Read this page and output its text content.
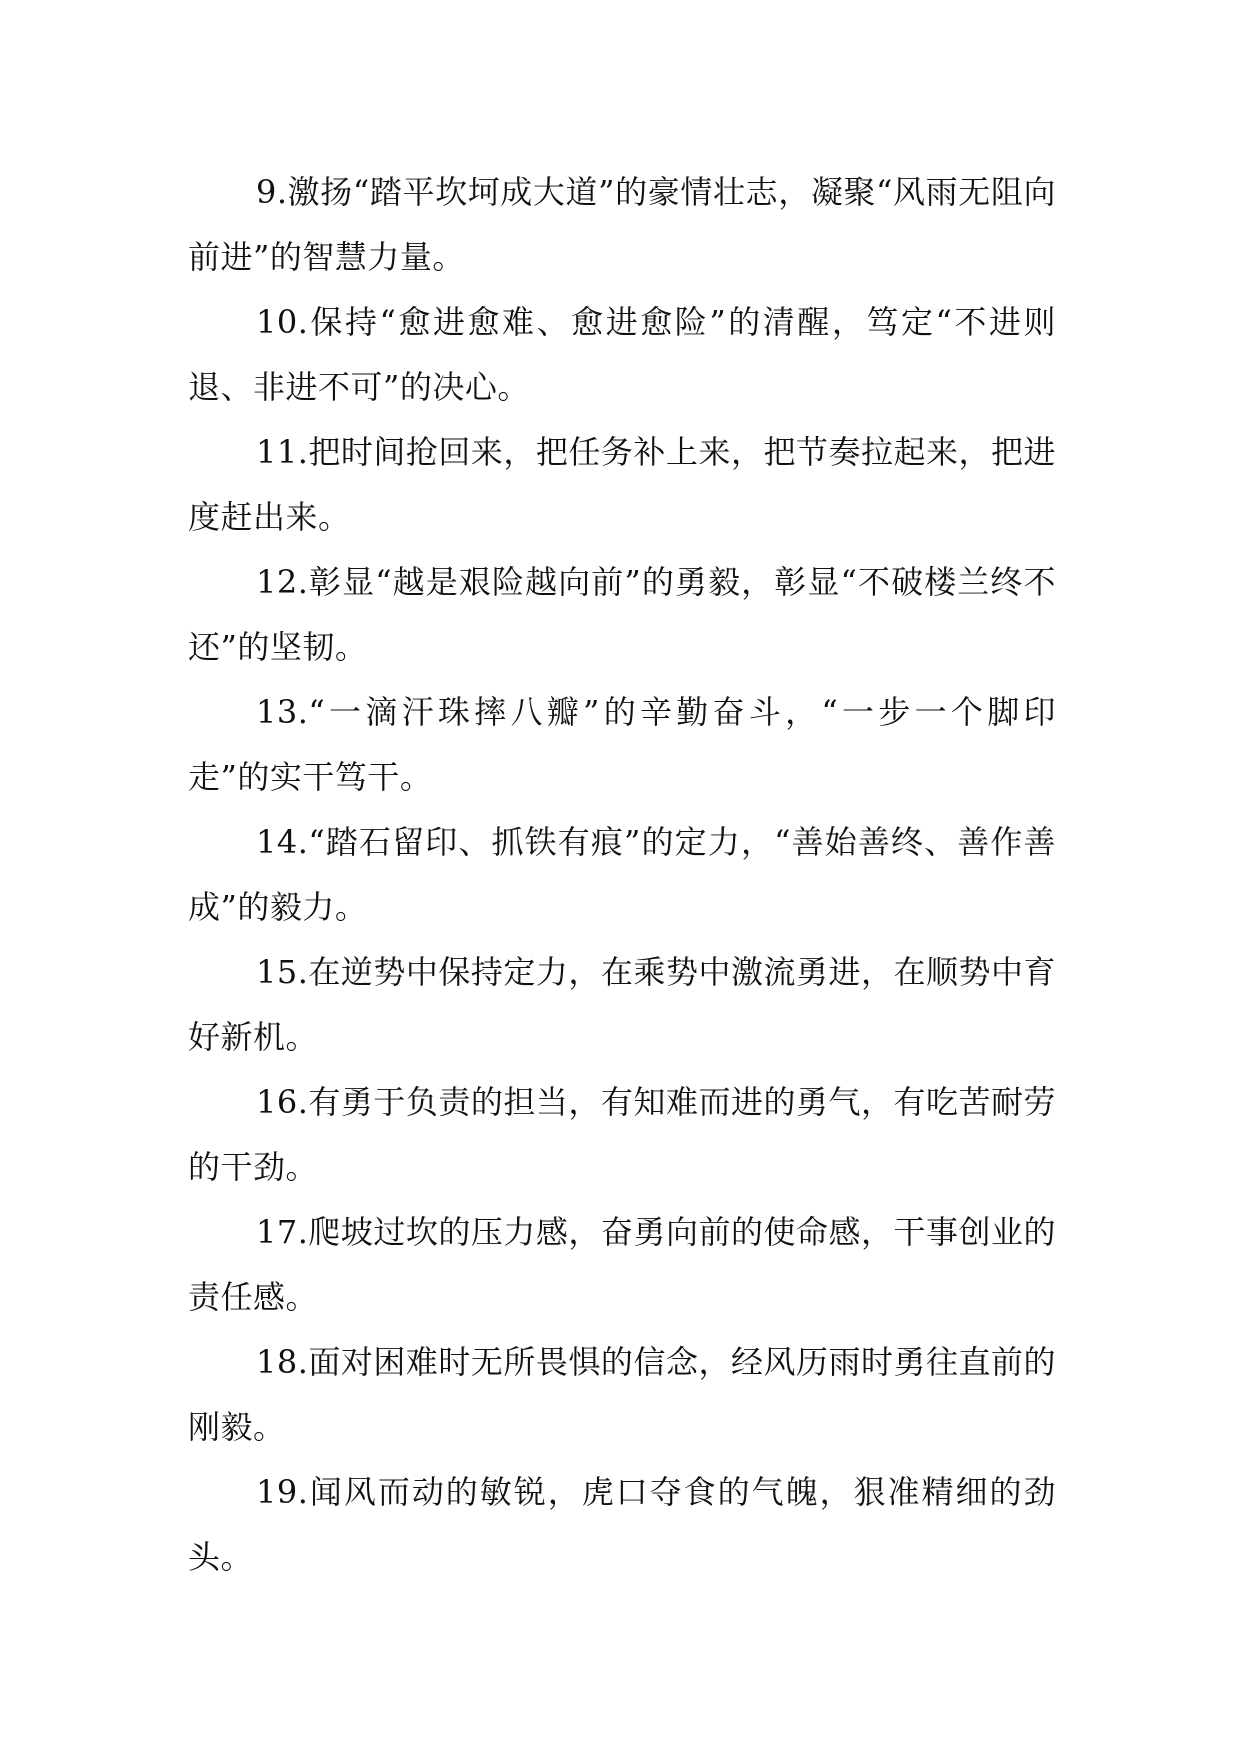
9.激扬“踏平坎坷成大道”的豪情壮志，凝聚“风雨无阻向前进”的智慧力量。

10.保持“愈进愈难、愈进愈险”的清醒，笃定“不进则退、非进不可”的决心。

11.把时间抢回来，把任务补上来，把节奏拉起来，把进度赶出来。

12.彰显“越是艰险越向前”的勇毅，彰显“不破楼兰终不还”的坚韧。

13.“一滴汗珠摔八瓣”的辛勤奋斗，“一步一个脚印走”的实干笃干。

14.“踏石留印、抓铁有痕”的定力，“善始善终、善作善成”的毅力。

15.在逆势中保持定力，在乘势中激流勇进，在顺势中育好新机。

16.有勇于负责的担当，有知难而进的勇气，有吃苦耐劳的干劲。

17.爬坡过坎的压力感，奋勇向前的使命感，干事创业的责任感。

18.面对困难时无所畏惧的信念，经风历雨时勇往直前的刚毅。

19.闻风而动的敏锐，虎口夺食的气魄，狠准精细的劲头。
